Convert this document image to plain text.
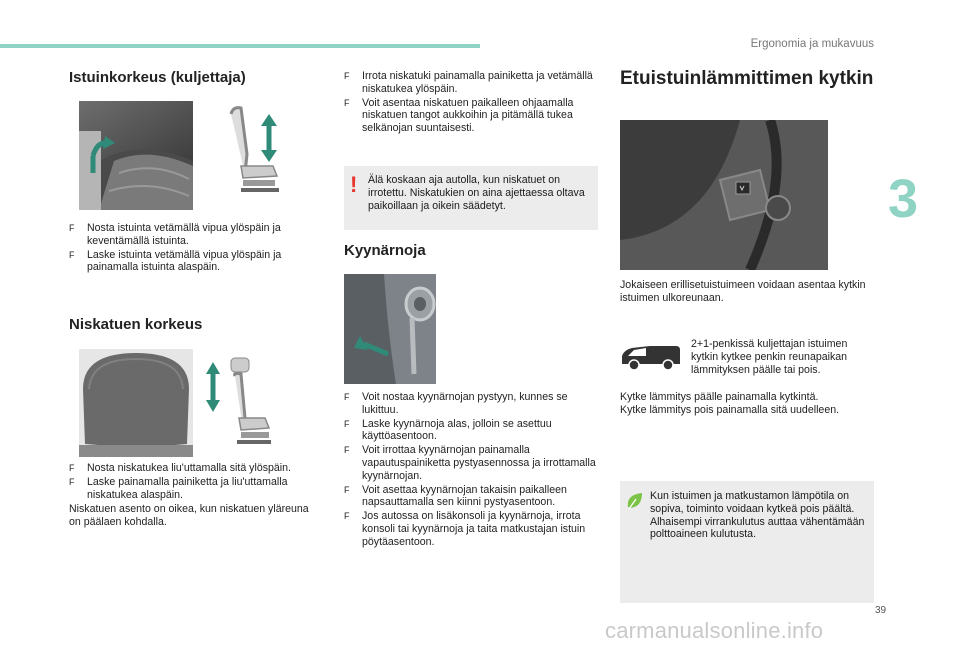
Ergonomia ja mukavuus
3
39
carmanualsonline.info
Istuinkorkeus (kuljettaja)
F	Nosta istuinta vetämällä vipua ylöspäin ja keventämällä istuinta.
F	Laske istuinta vetämällä vipua ylöspäin ja painamalla istuinta alaspäin.
Niskatuen korkeus
F	Nosta niskatukea liu'uttamalla sitä ylöspäin.
F	Laske painamalla painiketta ja liu'uttamalla niskatukea alaspäin.
Niskatuen asento on oikea, kun niskatuen yläreuna on päälaen kohdalla.
F	Irrota niskatuki painamalla painiketta ja vetämällä niskatukea ylöspäin.
F	Voit asentaa niskatuen paikalleen ohjaamalla niskatuen tangot aukkoihin ja pitämällä tukea selkänojan suuntaisesti.
! Älä koskaan aja autolla, kun niskatuet on irrotettu. Niskatukien on aina ajettaessa oltava paikoillaan ja oikein säädetyt.
Kyynärnoja
F	Voit nostaa kyynärnojan pystyyn, kunnes se lukittuu.
F	Laske kyynärnoja alas, jolloin se asettuu käyttöasentoon.
F	Voit irrottaa kyynärnojan painamalla vapautuspainiketta pystyasennossa ja irrottamalla kyynärnojan.
F	Voit asettaa kyynärnojan takaisin paikalleen napsauttamalla sen kiinni pystyasentoon.
F	Jos autossa on lisäkonsoli ja kyynärnoja, irrota konsoli tai kyynärnoja ja taita matkustajan istuin pöytäasentoon.
Etuistuinlämmittimen kytkin
Jokaiseen erillisetuistuimeen voidaan asentaa kytkin istuimen ulkoreunaan.
2+1-penkissä kuljettajan istuimen kytkin kytkee penkin reunapaikan lämmityksen päälle tai pois.
Kytke lämmitys päälle painamalla kytkintä.
Kytke lämmitys pois painamalla sitä uudelleen.
Kun istuimen ja matkustamon lämpötila on sopiva, toiminto voidaan kytkeä pois päältä. Alhaisempi virrankulutus auttaa vähentämään polttoaineen kulutusta.
